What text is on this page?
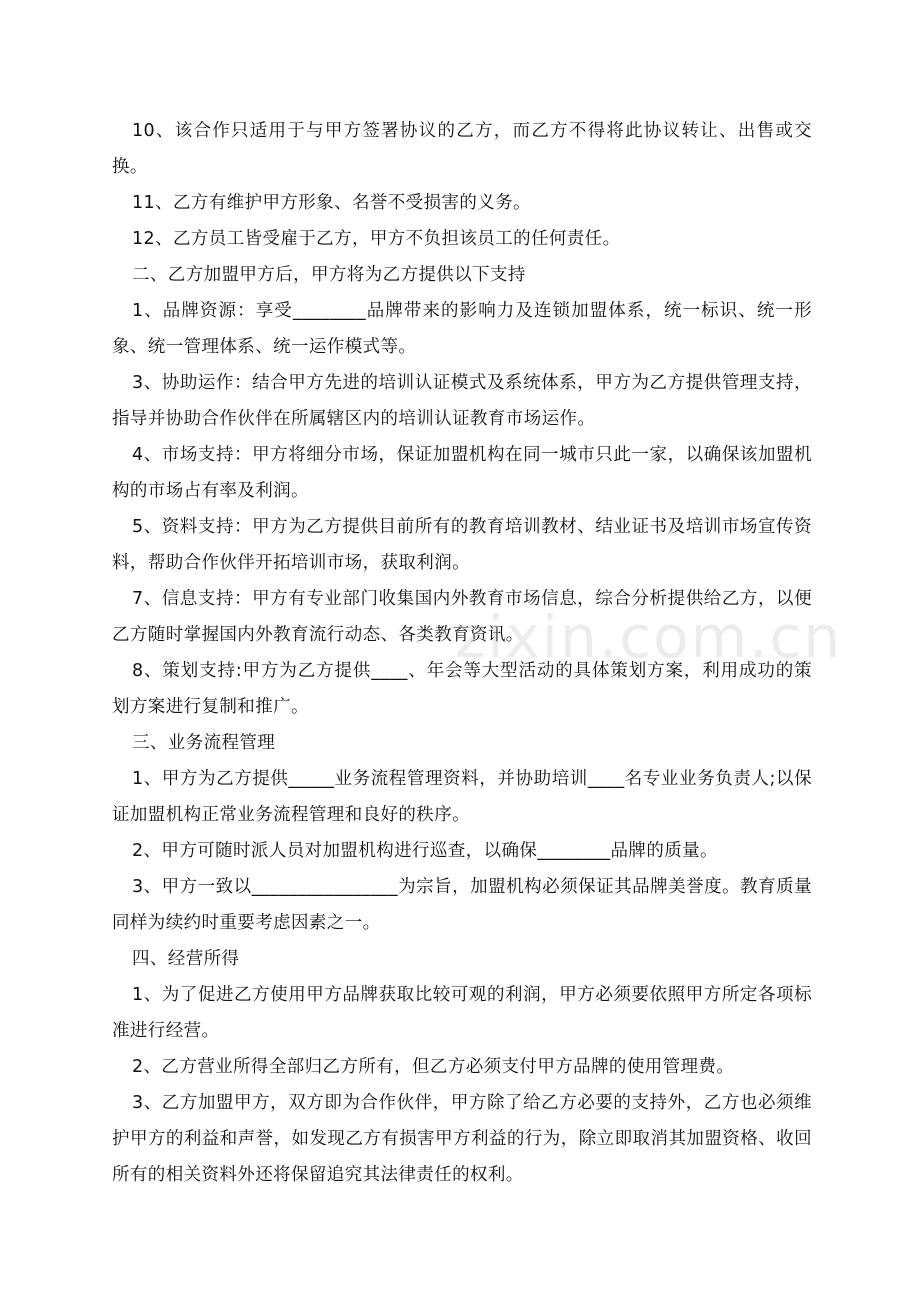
10、该合作只适用于与甲方签署协议的乙方，而乙方不得将此协议转让、出售或交换。

11、乙方有维护甲方形象、名誉不受损害的义务。

12、乙方员工皆受雇于乙方，甲方不负担该员工的任何责任。

二、乙方加盟甲方后，甲方将为乙方提供以下支持

1、品牌资源：享受________品牌带来的影响力及连锁加盟体系，统一标识、统一形象、统一管理体系、统一运作模式等。

3、协助运作：结合甲方先进的培训认证模式及系统体系，甲方为乙方提供管理支持，指导并协助合作伙伴在所属辖区内的培训认证教育市场运作。

4、市场支持：甲方将细分市场，保证加盟机构在同一城市只此一家，以确保该加盟机构的市场占有率及利润。

5、资料支持：甲方为乙方提供目前所有的教育培训教材、结业证书及培训市场宣传资料，帮助合作伙伴开拓培训市场，获取利润。

7、信息支持：甲方有专业部门收集国内外教育市场信息，综合分析提供给乙方，以便乙方随时掌握国内外教育流行动态、各类教育资讯。

8、策划支持:甲方为乙方提供____、年会等大型活动的具体策划方案，利用成功的策划方案进行复制和推广。

三、业务流程管理

1、甲方为乙方提供_____业务流程管理资料，并协助培训____名专业业务负责人;以保证加盟机构正常业务流程管理和良好的秩序。

2、甲方可随时派人员对加盟机构进行巡查，以确保________品牌的质量。

3、甲方一致以________________为宗旨，加盟机构必须保证其品牌美誉度。教育质量同样为续约时重要考虑因素之一。

四、经营所得

1、为了促进乙方使用甲方品牌获取比较可观的利润，甲方必须要依照甲方所定各项标准进行经营。

2、乙方营业所得全部归乙方所有，但乙方必须支付甲方品牌的使用管理费。

3、乙方加盟甲方，双方即为合作伙伴，甲方除了给乙方必要的支持外，乙方也必须维护甲方的利益和声誉，如发现乙方有损害甲方利益的行为，除立即取消其加盟资格、收回所有的相关资料外还将保留追究其法律责任的权利。

zixin.com.cn
